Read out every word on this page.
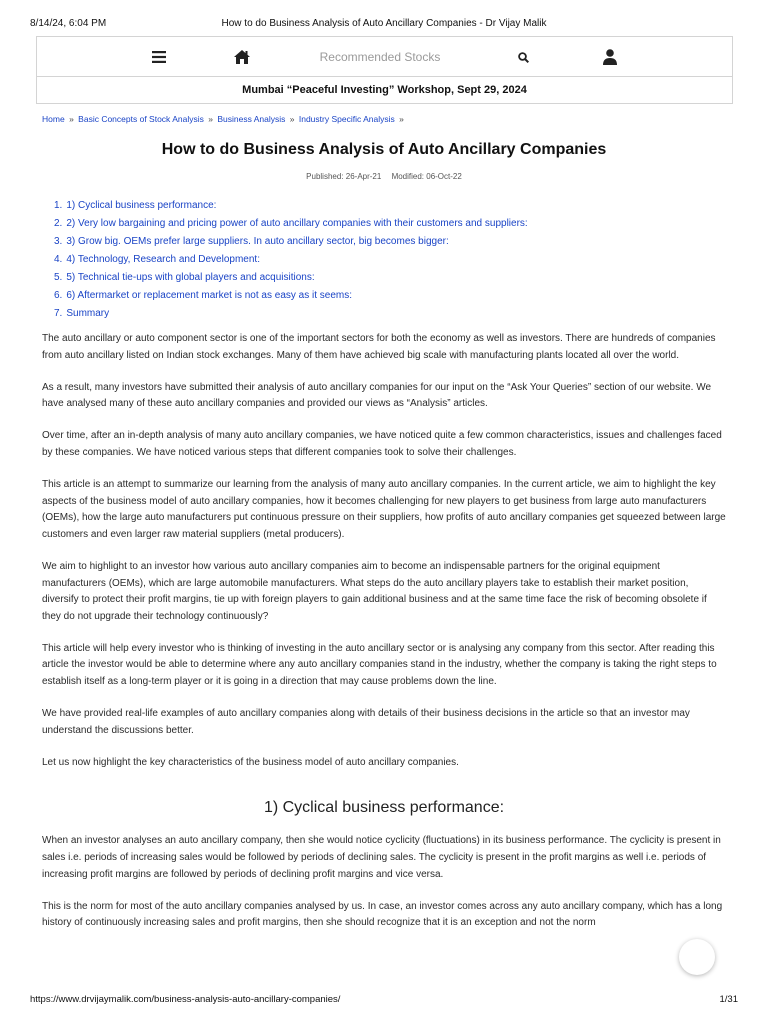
8/14/24, 6:04 PM	How to do Business Analysis of Auto Ancillary Companies - Dr Vijay Malik
Recommended Stocks
Mumbai “Peaceful Investing” Workshop, Sept 29, 2024
Home » Basic Concepts of Stock Analysis » Business Analysis » Industry Specific Analysis »
How to do Business Analysis of Auto Ancillary Companies
Published: 26-Apr-21 Modified: 06-Oct-22
1. 1) Cyclical business performance:
2. 2) Very low bargaining and pricing power of auto ancillary companies with their customers and suppliers:
3. 3) Grow big. OEMs prefer large suppliers. In auto ancillary sector, big becomes bigger:
4. 4) Technology, Research and Development:
5. 5) Technical tie-ups with global players and acquisitions:
6. 6) Aftermarket or replacement market is not as easy as it seems:
7. Summary

The auto ancillary or auto component sector is one of the important sectors for both the economy as well as investors. There are hundreds of companies from auto ancillary listed on Indian stock exchanges. Many of them have achieved big scale with manufacturing plants located all over the world.

As a result, many investors have submitted their analysis of auto ancillary companies for our input on the “Ask Your Queries” section of our website. We have analysed many of these auto ancillary companies and provided our views as “Analysis” articles.

Over time, after an in-depth analysis of many auto ancillary companies, we have noticed quite a few common characteristics, issues and challenges faced by these companies. We have noticed various steps that different companies took to solve their challenges.

This article is an attempt to summarize our learning from the analysis of many auto ancillary companies. In the current article, we aim to highlight the key aspects of the business model of auto ancillary companies, how it becomes challenging for new players to get business from large auto manufacturers (OEMs), how the large auto manufacturers put continuous pressure on their suppliers, how profits of auto ancillary companies get squeezed between large customers and even larger raw material suppliers (metal producers).

We aim to highlight to an investor how various auto ancillary companies aim to become an indispensable partners for the original equipment manufacturers (OEMs), which are large automobile manufacturers. What steps do the auto ancillary players take to establish their market position, diversify to protect their profit margins, tie up with foreign players to gain additional business and at the same time face the risk of becoming obsolete if they do not upgrade their technology continuously?

This article will help every investor who is thinking of investing in the auto ancillary sector or is analysing any company from this sector. After reading this article the investor would be able to determine where any auto ancillary companies stand in the industry, whether the company is taking the right steps to establish itself as a long-term player or it is going in a direction that may cause problems down the line.

We have provided real-life examples of auto ancillary companies along with details of their business decisions in the article so that an investor may understand the discussions better.

Let us now highlight the key characteristics of the business model of auto ancillary companies.

1) Cyclical business performance:

When an investor analyses an auto ancillary company, then she would notice cyclicity (fluctuations) in its business performance. The cyclicity is present in sales i.e. periods of increasing sales would be followed by periods of declining sales. The cyclicity is present in the profit margins as well i.e. periods of increasing profit margins are followed by periods of declining profit margins and vice versa.

This is the norm for most of the auto ancillary companies analysed by us. In case, an investor comes across any auto ancillary company, which has a long history of continuously increasing sales and profit margins, then she should recognize that it is an exception and not the norm

https://www.drvijaymalik.com/business-analysis-auto-ancillary-companies/	1/31
